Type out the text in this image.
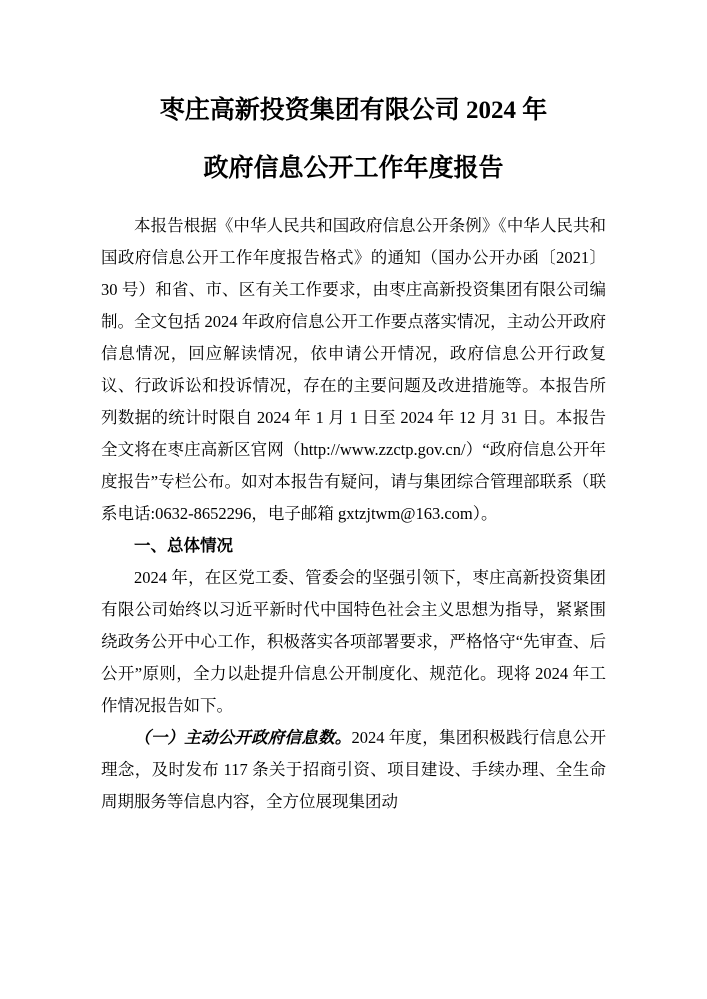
枣庄高新投资集团有限公司 2024 年
政府信息公开工作年度报告

本报告根据《中华人民共和国政府信息公开条例》《中华人民共和国政府信息公开工作年度报告格式》的通知（国办公开办函〔2021〕30 号）和省、市、区有关工作要求，由枣庄高新投资集团有限公司编制。全文包括 2024 年政府信息公开工作要点落实情况，主动公开政府信息情况，回应解读情况，依申请公开情况，政府信息公开行政复议、行政诉讼和投诉情况，存在的主要问题及改进措施等。本报告所列数据的统计时限自 2024 年 1 月 1 日至 2024 年 12 月 31 日。本报告全文将在枣庄高新区官网（http://www.zzctp.gov.cn/）“政府信息公开年度报告”专栏公布。如对本报告有疑问，请与集团综合管理部联系（联系电话:0632-8652296，电子邮箱 gxtzjtwm@163.com）。

一、总体情况

2024 年，在区党工委、管委会的坚强引领下，枣庄高新投资集团有限公司始终以习近平新时代中国特色社会主义思想为指导，紧紧围绕政务公开中心工作，积极落实各项部署要求，严格恪守“先审查、后公开”原则，全力以赴提升信息公开制度化、规范化。现将 2024 年工作情况报告如下。

（一）主动公开政府信息数。2024 年度，集团积极践行信息公开理念，及时发布 117 条关于招商引资、项目建设、手续办理、全生命周期服务等信息内容，全方位展现集团动
